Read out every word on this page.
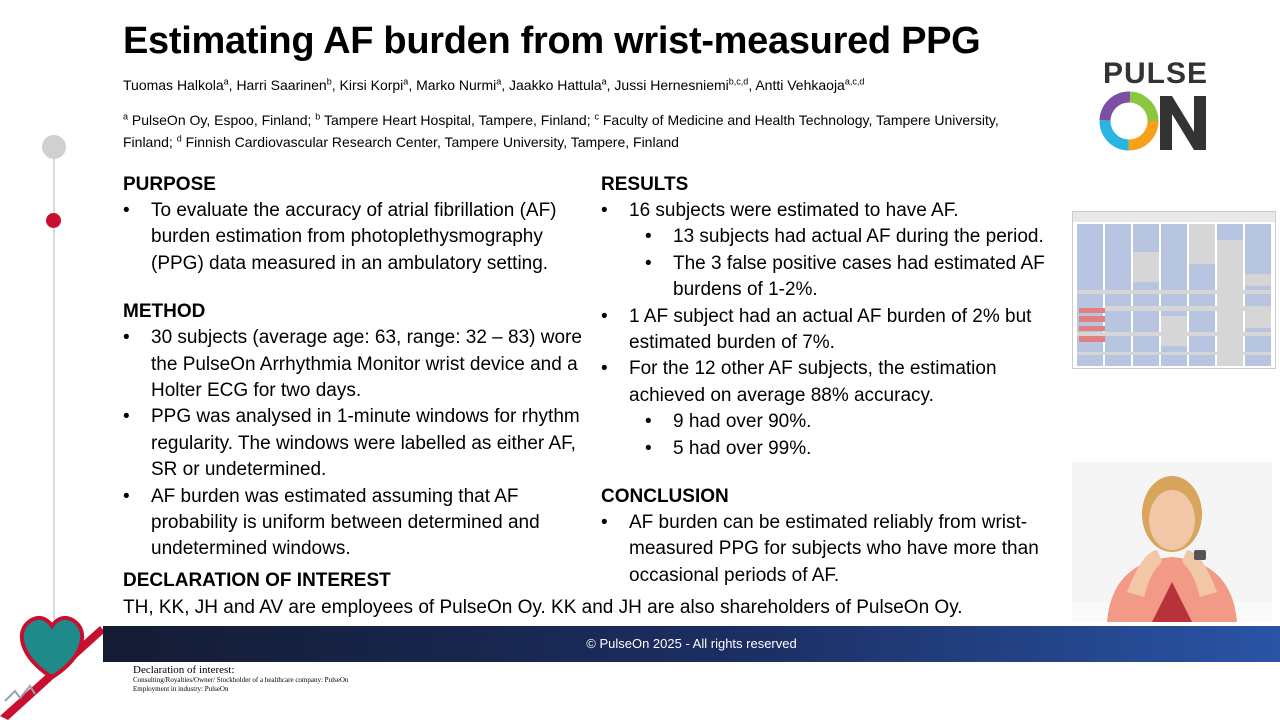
Estimating AF burden from wrist-measured PPG
Tuomas Halkola$^a$, Harri Saarinen$^b$, Kirsi Korpi$^a$, Marko Nurmi$^a$, Jaakko Hattula$^a$, Jussi Hernesniemi$^{b,c,d}$, Antti Vehkaoja$^{a,c,d}$
$^a$ PulseOn Oy, Espoo, Finland; $^b$ Tampere Heart Hospital, Tampere, Finland; $^c$ Faculty of Medicine and Health Technology, Tampere University, Finland; $^d$ Finnish Cardiovascular Research Center, Tampere University, Tampere, Finland
PULSE
PURPOSE
• To evaluate the accuracy of atrial fibrillation (AF) burden estimation from photoplethysmography (PPG) data measured in an ambulatory setting.
METHOD
• 30 subjects (average age: 63, range: 32 – 83) wore the PulseOn Arrhythmia Monitor wrist device and a Holter ECG for two days.
• PPG was analysed in 1-minute windows for rhythm regularity. The windows were labelled as either AF, SR or undetermined.
• AF burden was estimated assuming that AF probability is uniform between determined and undetermined windows.
RESULTS
• 16 subjects were estimated to have AF.
• 13 subjects had actual AF during the period.
• The 3 false positive cases had estimated AF burdens of 1-2%.
• 1 AF subject had an actual AF burden of 2% but estimated burden of 7%.
• For the 12 other AF subjects, the estimation achieved on average 88% accuracy.
• 9 had over 90%.
• 5 had over 99%.
CONCLUSION
• AF burden can be estimated reliably from wrist-measured PPG for subjects who have more than occasional periods of AF.
DECLARATION OF INTEREST
TH, KK, JH and AV are employees of PulseOn Oy. KK and JH are also shareholders of PulseOn Oy.
© PulseOn 2025 - All rights reserved
Declaration of interest:
Consulting/Royalties/Owner/ Stockholder of a healthcare company: PulseOn
Employment in industry: PulseOn
